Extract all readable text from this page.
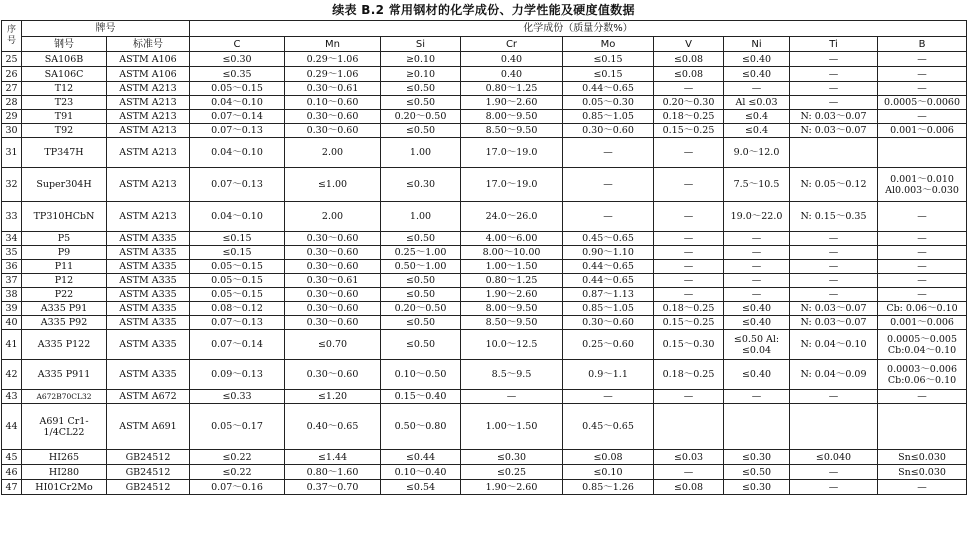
续表 B.2 常用钢材的化学成份、力学性能及硬度值数据
序号	牌号		化学成份（质量分数%）								
	钢号	标准号	C	Mn	Si	Cr	Mo	V	Ni	Ti	B
25	SA106B	ASTM A106	≤0.30	0.29～1.06	≥0.10	0.40	≤0.15	≤0.08	≤0.40	—	—
26	SA106C	ASTM A106	≤0.35	0.29～1.06	≥0.10	0.40	≤0.15	≤0.08	≤0.40	—	—
27	T12	ASTM A213	0.05～0.15	0.30～0.61	≤0.50	0.80～1.25	0.44～0.65	—	—	—	—
28	T23	ASTM A213	0.04～0.10	0.10～0.60	≤0.50	1.90～2.60	0.05～0.30	0.20～0.30	Al ≤0.03	—	0.0005～0.0060
29	T91	ASTM A213	0.07～0.14	0.30～0.60	0.20～0.50	8.00～9.50	0.85～1.05	0.18～0.25	≤0.4	N: 0.03～0.07	—
30	T92	ASTM A213	0.07～0.13	0.30～0.60	≤0.50	8.50～9.50	0.30～0.60	0.15～0.25	≤0.4	N: 0.03～0.07	0.001～0.006
31	TP347H	ASTM A213	0.04～0.10	2.00	1.00	17.0～19.0	—	—	9.0～12.0		
32	Super304H	ASTM A213	0.07～0.13	≤1.00	≤0.30	17.0～19.0	—	—	7.5～10.5	N: 0.05～0.12	0.001～0.010 Al0.003～0.030
33	TP310HCbN	ASTM A213	0.04～0.10	2.00	1.00	24.0～26.0	—	—	19.0～22.0	N: 0.15～0.35	—
34	P5	ASTM A335	≤0.15	0.30～0.60	≤0.50	4.00～6.00	0.45～0.65	—	—	—	—
35	P9	ASTM A335	≤0.15	0.30～0.60	0.25～1.00	8.00～10.00	0.90～1.10	—	—	—	—
36	P11	ASTM A335	0.05～0.15	0.30～0.60	0.50～1.00	1.00～1.50	0.44～0.65	—	—	—	—
37	P12	ASTM A335	0.05～0.15	0.30～0.61	≤0.50	0.80～1.25	0.44～0.65	—	—	—	—
38	P22	ASTM A335	0.05～0.15	0.30～0.60	≤0.50	1.90～2.60	0.87～1.13	—	—	—	—
39	A335 P91	ASTM A335	0.08～0.12	0.30～0.60	0.20～0.50	8.00～9.50	0.85～1.05	0.18～0.25	≤0.40	N: 0.03～0.07	Cb: 0.06～0.10
40	A335 P92	ASTM A335	0.07～0.13	0.30～0.60	≤0.50	8.50～9.50	0.30～0.60	0.15～0.25	≤0.40	N: 0.03～0.07	0.001～0.006
41	A335 P122	ASTM A335	0.07～0.14	≤0.70	≤0.50	10.0～12.5	0.25～0.60	0.15～0.30	≤0.50 Al: ≤0.04	N: 0.04～0.10	0.0005～0.005 Cb:0.04～0.10
42	A335 P911	ASTM A335	0.09～0.13	0.30～0.60	0.10～0.50	8.5～9.5	0.9～1.1	0.18～0.25	≤0.40	N: 0.04～0.09	0.0003～0.006 Cb:0.06～0.10
43	A672B70CL32	ASTM A672	≤0.33	≤1.20	0.15～0.40	—	—	—	—	—	—
44	A691 Cr1-1/4CL22	ASTM A691	0.05～0.17	0.40～0.65	0.50～0.80	1.00～1.50	0.45～0.65				
45	HI265	GB24512	≤0.22	≤1.44	≤0.44	≤0.30	≤0.08	≤0.03	≤0.30	≤0.040	Sn≤0.030
46	HI280	GB24512	≤0.22	0.80～1.60	0.10～0.40	≤0.25	≤0.10	—	≤0.50	—	Sn≤0.030
47	HI01Cr2Mo	GB24512	0.07～0.16	0.37～0.70	≤0.54	1.90～2.60	0.85～1.26	≤0.08	≤0.30	—	—
